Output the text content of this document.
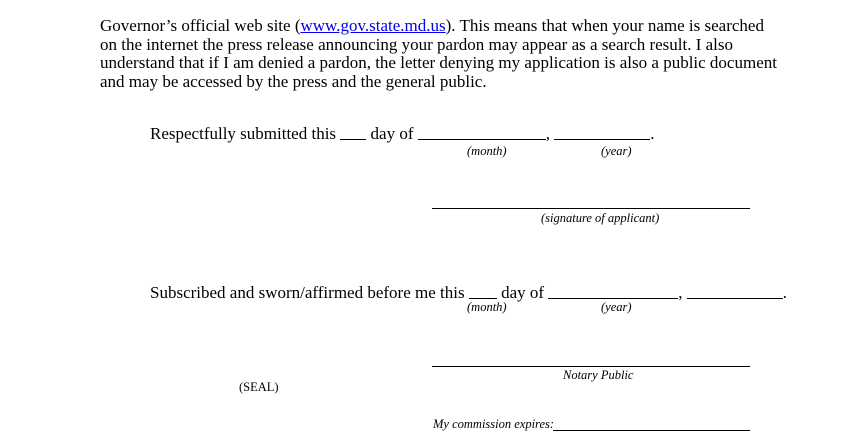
Governor’s official web site (www.gov.state.md.us). This means that when your name is searched on the internet the press release announcing your pardon may appear as a search result. I also understand that if I am denied a pardon, the letter denying my application is also a public document and may be accessed by the press and the general public.

Respectfully submitted this day of	,	.

(month)	(year)
(signature of applicant)

Subscribed and sworn/affirmed before me this day of	,	.

(month)	(year)
Notary Public
(SEAL)
My commission expires:
